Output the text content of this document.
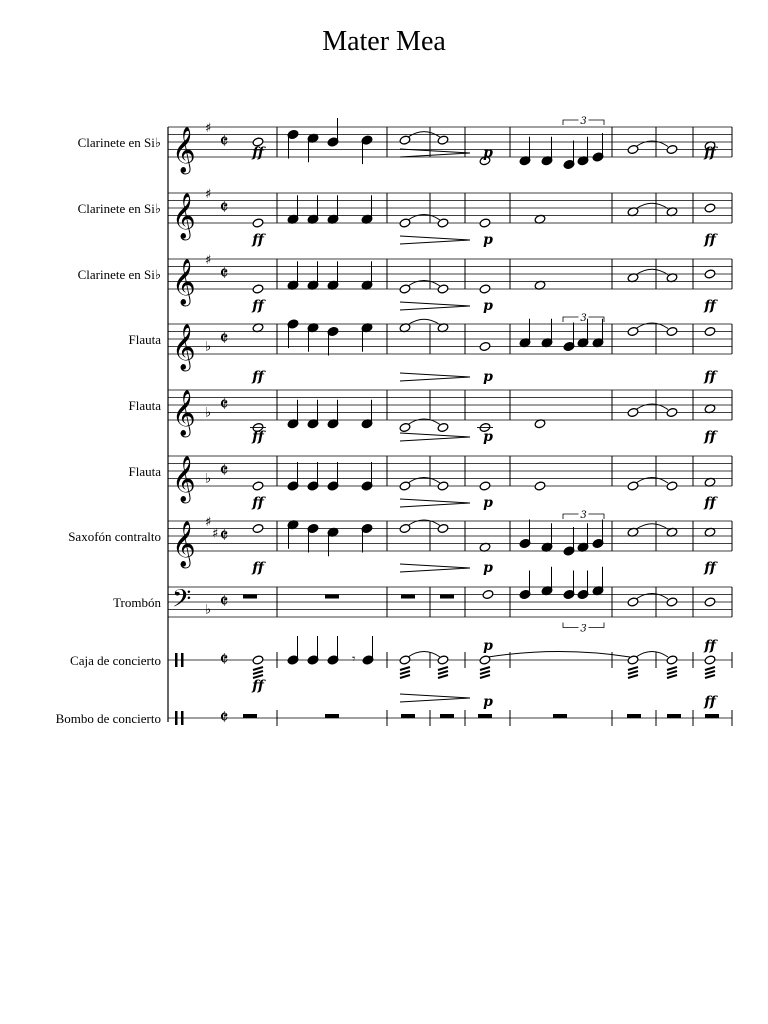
Mater Mea
Clarinete en Si♭ 𝄞 ♯
𝄵
Clarinete en Si♭ 𝄞 ♯
𝄵
Clarinete en Si♭ 𝄞 ♯
𝄵
Flauta 𝄞 ♭ 𝄵
Flauta 𝄞 ♭ 𝄵
Flauta 𝄞 ♭ 𝄵
Saxofón contralto 𝄞 ♯
♯ 𝄵
Trombón 𝄢 ♭ 𝄵
Caja de concierto	𝄵
Bombo de concierto	𝄵
p
ff
3
ff
p
ff	ff
p
ff	ff
p
ff
3
ff
p
ff	ff
p
ff	ff
p
ff
3
ff
3
𝄾
ff
p	ff
p	ff
